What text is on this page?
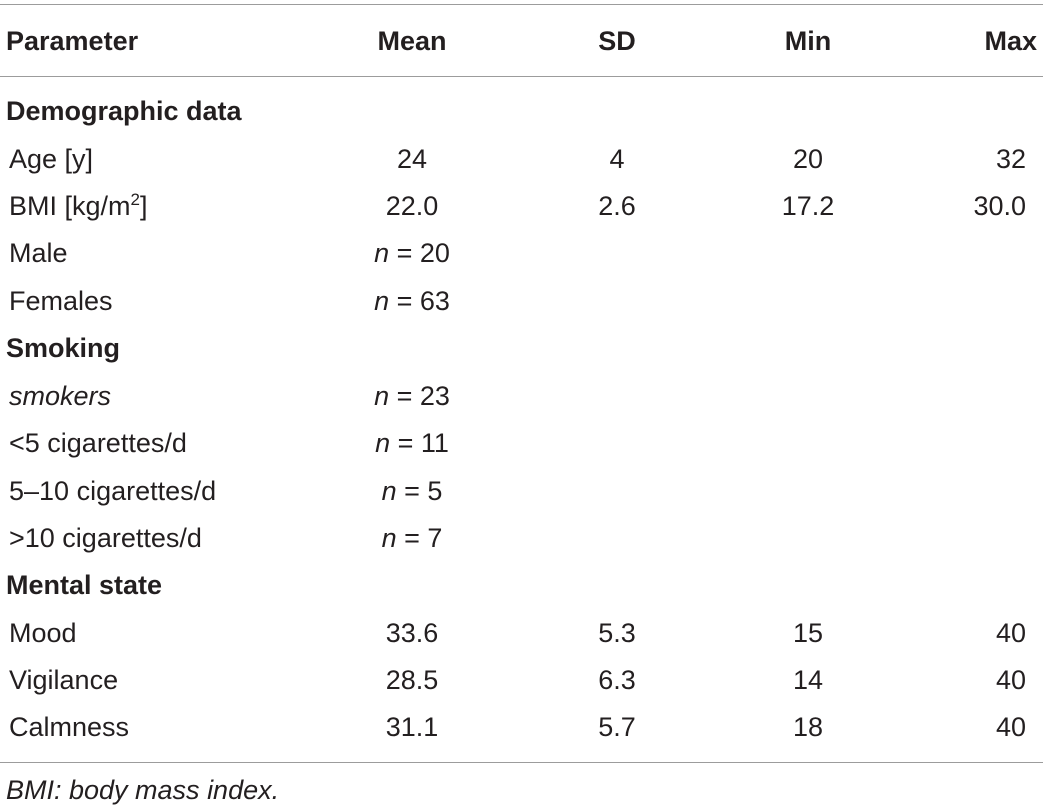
Parameter	Mean	SD	Min	Max
Demographic data
Age [y]	24	4	20	32
BMI $[kg/m^2]$	22.0	2.6	17.2	30.0
Male	n = 20
Females	n = 63
Smoking
smokers	n = 23
<5 cigarettes/d	n = 11
5–10 cigarettes/d	n = 5
>10 cigarettes/d	n = 7
Mental state
Mood	33.6	5.3	15	40
Vigilance	28.5	6.3	14	40
Calmness	31.1	5.7	18	40
BMI: body mass index.
